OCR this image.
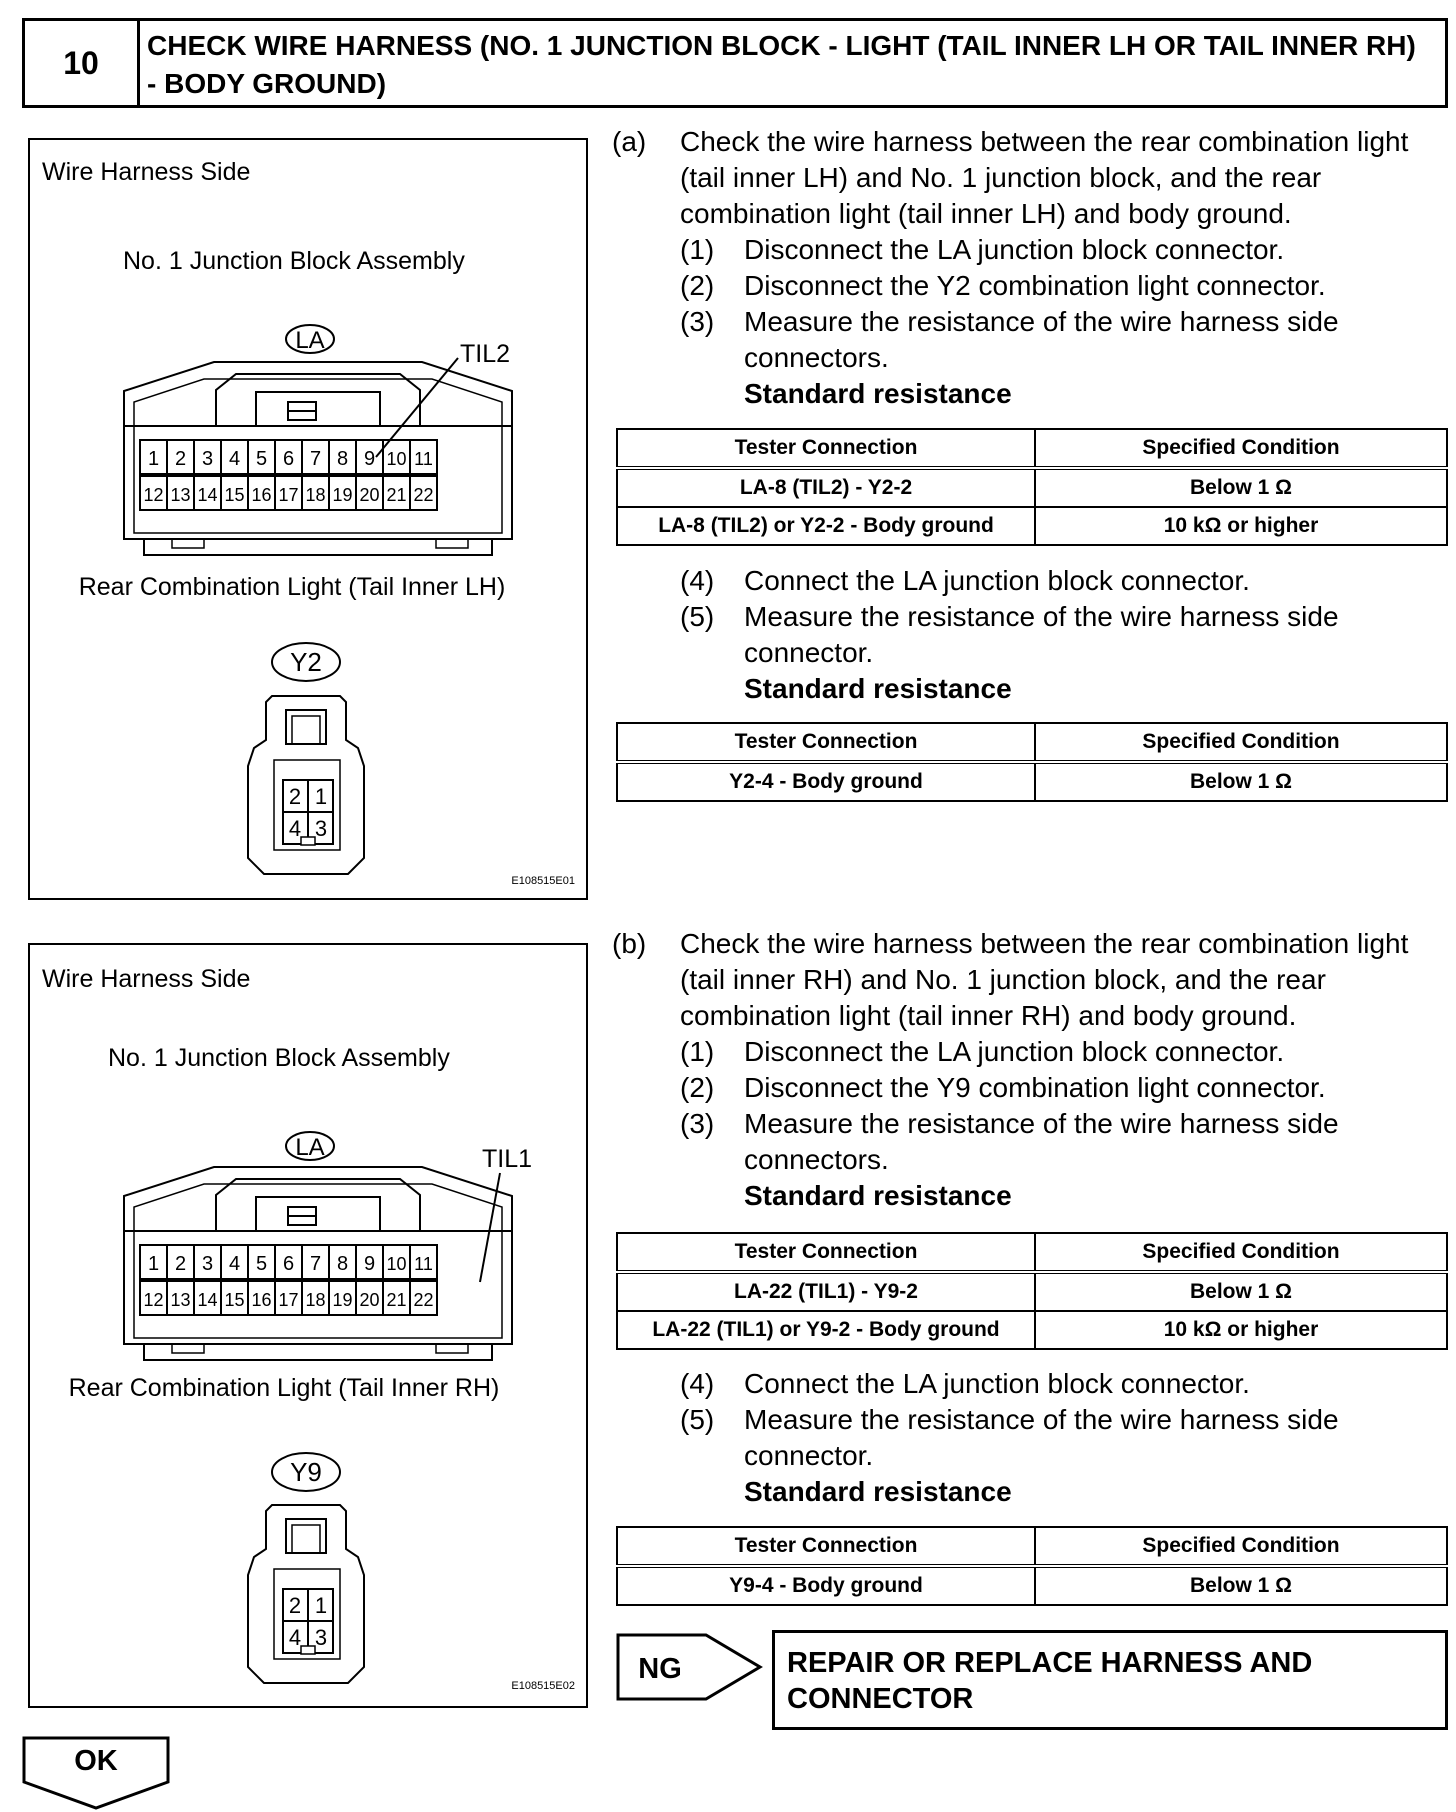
10	CHECK WIRE HARNESS (NO. 1 JUNCTION BLOCK - LIGHT (TAIL INNER LH OR TAIL INNER RH) - BODY GROUND)
Wire Harness Side
No. 1 Junction Block Assembly
LA	TIL2
1 2 3 4 5 6 7 8 9 10 11
12 13 14 15 16 17 18 19 20 21 22
Rear Combination Light (Tail Inner LH)
Y2
2 1
4 3
E108515E01
Wire Harness Side
No. 1 Junction Block Assembly
LA	TIL1
1 2 3 4 5 6 7 8 9 10 11
12 13 14 15 16 17 18 19 20 21 22
Rear Combination Light (Tail Inner RH)
Y9
2 1
4 3
E108515E02
(a) Check the wire harness between the rear combination light (tail inner LH) and No. 1 junction block, and the rear combination light (tail inner LH) and body ground.
(1) Disconnect the LA junction block connector.
(2) Disconnect the Y2 combination light connector.
(3) Measure the resistance of the wire harness side connectors.
Standard resistance
Tester Connection	Specified Condition
LA-8 (TIL2) - Y2-2	Below 1 Ω
LA-8 (TIL2) or Y2-2 - Body ground	10 kΩ or higher
(4) Connect the LA junction block connector.
(5) Measure the resistance of the wire harness side connector.
Standard resistance
Tester Connection	Specified Condition
Y2-4 - Body ground	Below 1 Ω
(b) Check the wire harness between the rear combination light (tail inner RH) and No. 1 junction block, and the rear combination light (tail inner RH) and body ground.
(1) Disconnect the LA junction block connector.
(2) Disconnect the Y9 combination light connector.
(3) Measure the resistance of the wire harness side connectors.
Standard resistance
Tester Connection	Specified Condition
LA-22 (TIL1) - Y9-2	Below 1 Ω
LA-22 (TIL1) or Y9-2 - Body ground	10 kΩ or higher
(4) Connect the LA junction block connector.
(5) Measure the resistance of the wire harness side connector.
Standard resistance
Tester Connection	Specified Condition
Y9-4 - Body ground	Below 1 Ω
NG	REPAIR OR REPLACE HARNESS AND CONNECTOR
OK
